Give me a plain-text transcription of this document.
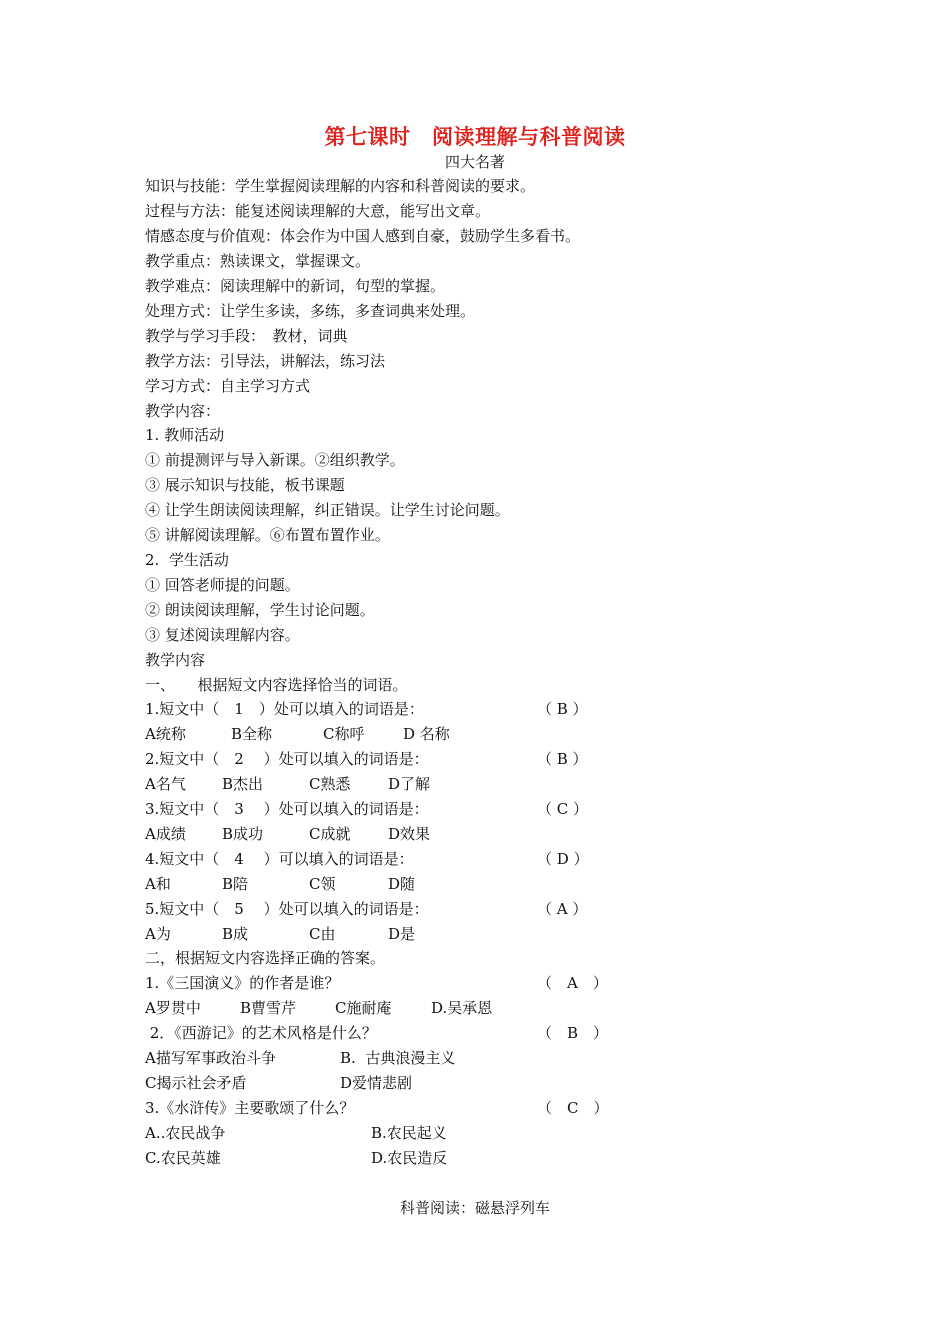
第七课时　阅读理解与科普阅读
四大名著
知识与技能：学生掌握阅读理解的内容和科普阅读的要求。
过程与方法：能复述阅读理解的大意，能写出文章。
情感态度与价值观：体会作为中国人感到自豪，鼓励学生多看书。
教学重点：熟读课文，掌握课文。
教学难点：阅读理解中的新词，句型的掌握。
处理方式：让学生多读，多练，多查词典来处理。
教学与学习手段：　教材，词典
教学方法：引导法，讲解法，练习法
学习方式：自主学习方式
教学内容：
1. 教师活动
① 前提测评与导入新课。②组织教学。
③ 展示知识与技能，板书课题
④ 让学生朗读阅读理解，纠正错误。让学生讨论问题。
⑤ 讲解阅读理解。⑥布置布置作业。
2.  学生活动
① 回答老师提的问题。
② 朗读阅读理解，学生讨论问题。
③ 复述阅读理解内容。
教学内容
一、　　根据短文内容选择恰当的词语。
1.短文中（　1　）处可以填入的词语是：	（ B ）
A统称	B全称	C称呼	D 名称
2.短文中（　2　 ）处可以填入的词语是：	（ B ）
A名气 B杰出	C熟悉	D了解
3.短文中（　3　 ）处可以填入的词语是：	（ C ）
A成绩 B成功	C成就	D效果
4.短文中（　4　 ）可以填入的词语是：	（ D ）
A和	B陪	C领	D随
5.短文中（　5　 ）处可以填入的词语是：	（ A ）
A为	B成	C由	D是
二，根据短文内容选择正确的答案。
1.《三国演义》的作者是谁？	（　A　）
A罗贯中	B曹雪芹	C施耐庵	D.吴承恩
2．《西游记》的艺术风格是什么？	（　B　）
A描写军事政治斗争	B.  古典浪漫主义
C揭示社会矛盾	D爱情悲剧
3.《水浒传》主要歌颂了什么？	（　C　）
A..农民战争	B.农民起义
C.农民英雄	D.农民造反
科普阅读：磁悬浮列车
